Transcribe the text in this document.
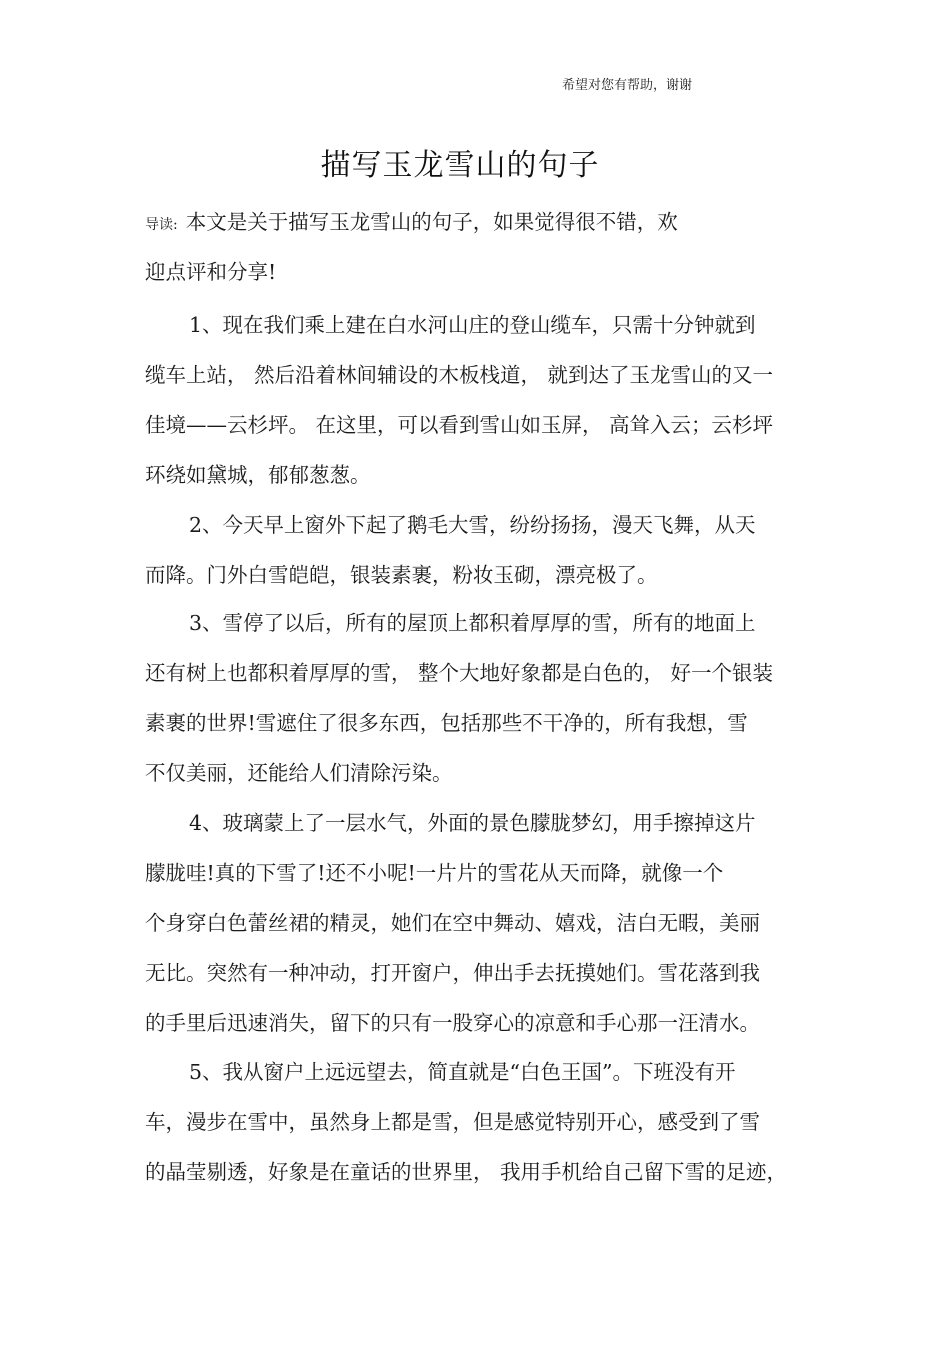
希望对您有帮助，谢谢
描写玉龙雪山的句子
导读: 本文是关于描写玉龙雪山的句子，如果觉得很不错，欢
迎点评和分享!
1、现在我们乘上建在白水河山庄的登山缆车，只需十分钟就到
缆车上站， 然后沿着林间辅设的木板栈道， 就到达了玉龙雪山的又一
佳境——云杉坪。 在这里，可以看到雪山如玉屏， 高耸入云；云杉坪
环绕如黛城，郁郁葱葱。
2、今天早上窗外下起了鹅毛大雪，纷纷扬扬，漫天飞舞，从天
而降。门外白雪皑皑，银装素裹，粉妆玉砌，漂亮极了。
3、雪停了以后，所有的屋顶上都积着厚厚的雪，所有的地面上
还有树上也都积着厚厚的雪， 整个大地好象都是白色的， 好一个银装
素裹的世界!雪遮住了很多东西，包括那些不干净的，所有我想，雪
不仅美丽，还能给人们清除污染。
4、玻璃蒙上了一层水气，外面的景色朦胧梦幻，用手擦掉这片
朦胧哇!真的下雪了!还不小呢!一片片的雪花从天而降，就像一个
个身穿白色蕾丝裙的精灵，她们在空中舞动、嬉戏，洁白无暇，美丽
无比。突然有一种冲动，打开窗户，伸出手去抚摸她们。雪花落到我
的手里后迅速消失，留下的只有一股穿心的凉意和手心那一汪清水。
5、我从窗户上远远望去，简直就是“白色王国”。下班没有开
车，漫步在雪中，虽然身上都是雪，但是感觉特别开心，感受到了雪
的晶莹剔透，好象是在童话的世界里， 我用手机给自己留下雪的足迹，
